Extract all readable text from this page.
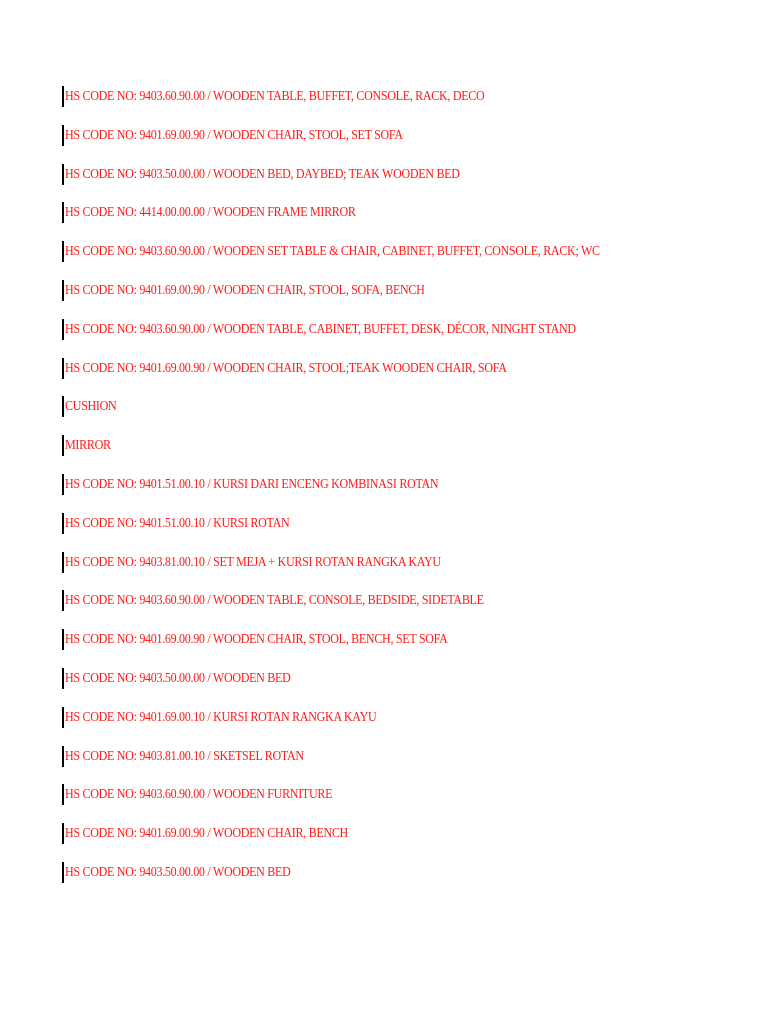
HS CODE NO: 9403.60.90.00 / WOODEN TABLE, BUFFET, CONSOLE, RACK, DECO
HS CODE NO: 9401.69.00.90 / WOODEN CHAIR, STOOL, SET SOFA
HS CODE NO: 9403.50.00.00 / WOODEN BED, DAYBED; TEAK WOODEN BED
HS CODE NO: 4414.00.00.00 / WOODEN FRAME MIRROR
HS CODE NO: 9403.60.90.00 / WOODEN SET TABLE & CHAIR, CABINET, BUFFET, CONSOLE, RACK; WC
HS CODE NO: 9401.69.00.90 / WOODEN CHAIR, STOOL, SOFA, BENCH
HS CODE NO: 9403.60.90.00 / WOODEN TABLE, CABINET, BUFFET, DESK, DÉCOR, NINGHT STAND
HS CODE NO: 9401.69.00.90 / WOODEN CHAIR, STOOL;TEAK WOODEN CHAIR, SOFA
CUSHION
MIRROR
HS CODE NO: 9401.51.00.10 / KURSI DARI ENCENG KOMBINASI ROTAN
HS CODE NO: 9401.51.00.10 / KURSI ROTAN
HS CODE NO: 9403.81.00.10 / SET MEJA + KURSI ROTAN RANGKA KAYU
HS CODE NO: 9403.60.90.00 / WOODEN TABLE, CONSOLE, BEDSIDE, SIDETABLE
HS CODE NO: 9401.69.00.90 / WOODEN CHAIR, STOOL, BENCH, SET SOFA
HS CODE NO: 9403.50.00.00 / WOODEN BED
HS CODE NO: 9401.69.00.10 / KURSI ROTAN RANGKA KAYU
HS CODE NO: 9403.81.00.10 / SKETSEL ROTAN
HS CODE NO: 9403.60.90.00 / WOODEN FURNITURE
HS CODE NO: 9401.69.00.90 / WOODEN CHAIR, BENCH
HS CODE NO: 9403.50.00.00 / WOODEN BED
